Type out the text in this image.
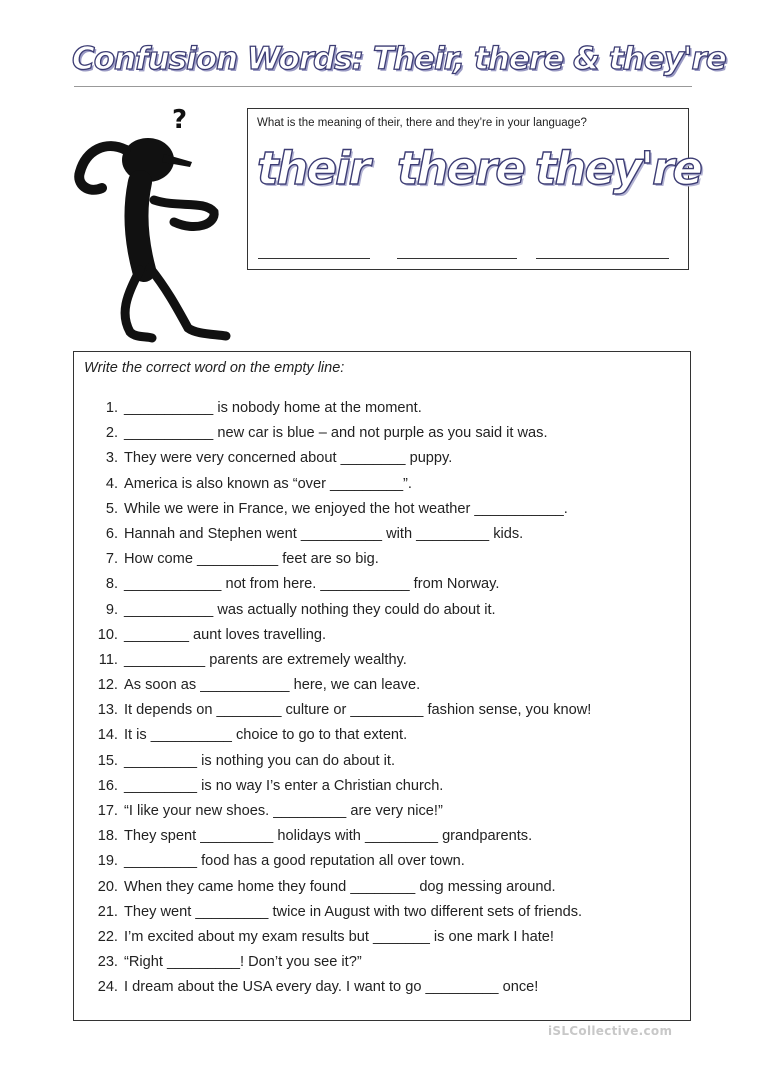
Confusion Words: Their, there & they're
?	What is the meaning of their, there and they’re in your language?
their there they're
Write the correct word on the empty line:
1. ___________ is nobody home at the moment.
2. ___________ new car is blue – and not purple as you said it was.
3. They were very concerned about ________ puppy.
4. America is also known as “over _________”.
5. While we were in France, we enjoyed the hot weather ___________.
6. Hannah and Stephen went __________ with _________ kids.
7. How come __________ feet are so big.
8. ____________ not from here. ___________ from Norway.
9. ___________ was actually nothing they could do about it.
10. ________ aunt loves travelling.
11. __________ parents are extremely wealthy.
12. As soon as ___________ here, we can leave.
13. It depends on ________ culture or _________ fashion sense, you know!
14. It is __________ choice to go to that extent.
15. _________ is nothing you can do about it.
16. _________ is no way I’s enter a Christian church.
17. “I like your new shoes. _________ are very nice!”
18. They spent _________ holidays with _________ grandparents.
19. _________ food has a good reputation all over town.
20. When they came home they found ________ dog messing around.
21. They went _________ twice in August with two different sets of friends.
22. I’m excited about my exam results but _______ is one mark I hate!
23. “Right _________! Don’t you see it?”
24. I dream about the USA every day. I want to go _________ once!
iSLCollective.com
